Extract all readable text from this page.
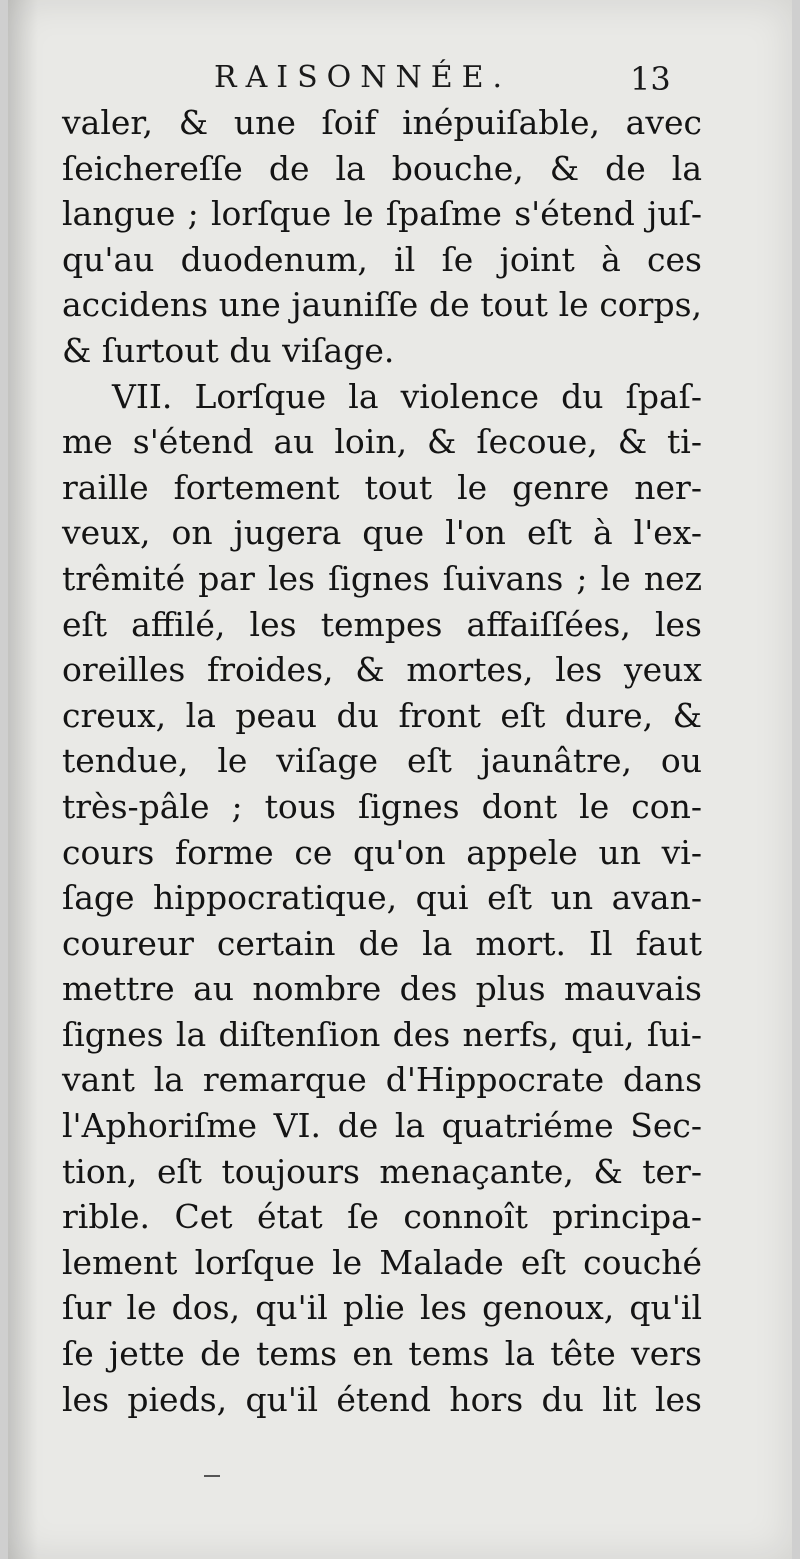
RAISONNÉE.	13
valer, & une ſoif inépuiſable, avec
ſeichereſſe de la bouche, & de la
langue ; lorſque le ſpaſme s'étend juſ-
qu'au duodenum, il ſe joint à ces
accidens une jauniſſe de tout le corps,
& ſurtout du viſage.
VII. Lorſque la violence du ſpaſ-
me s'étend au loin, & ſecoue, & ti-
raille fortement tout le genre ner-
veux, on jugera que l'on eſt à l'ex-
trêmité par les ſignes ſuivans ; le nez
eſt affilé, les tempes affaiſſées, les
oreilles froides, & mortes, les yeux
creux, la peau du front eſt dure, &
tendue, le viſage eſt jaunâtre, ou
très-pâle ; tous ſignes dont le con-
cours forme ce qu'on appele un vi-
ſage hippocratique, qui eſt un avan-
coureur certain de la mort. Il faut
mettre au nombre des plus mauvais
ſignes la diſtenſion des nerfs, qui, ſui-
vant la remarque d'Hippocrate dans
l'Aphoriſme VI. de la quatriéme Sec-
tion, eſt toujours menaçante, & ter-
rible. Cet état ſe connoît principa-
lement lorſque le Malade eſt couché
ſur le dos, qu'il plie les genoux, qu'il
ſe jette de tems en tems la tête vers
les pieds, qu'il étend hors du lit les
